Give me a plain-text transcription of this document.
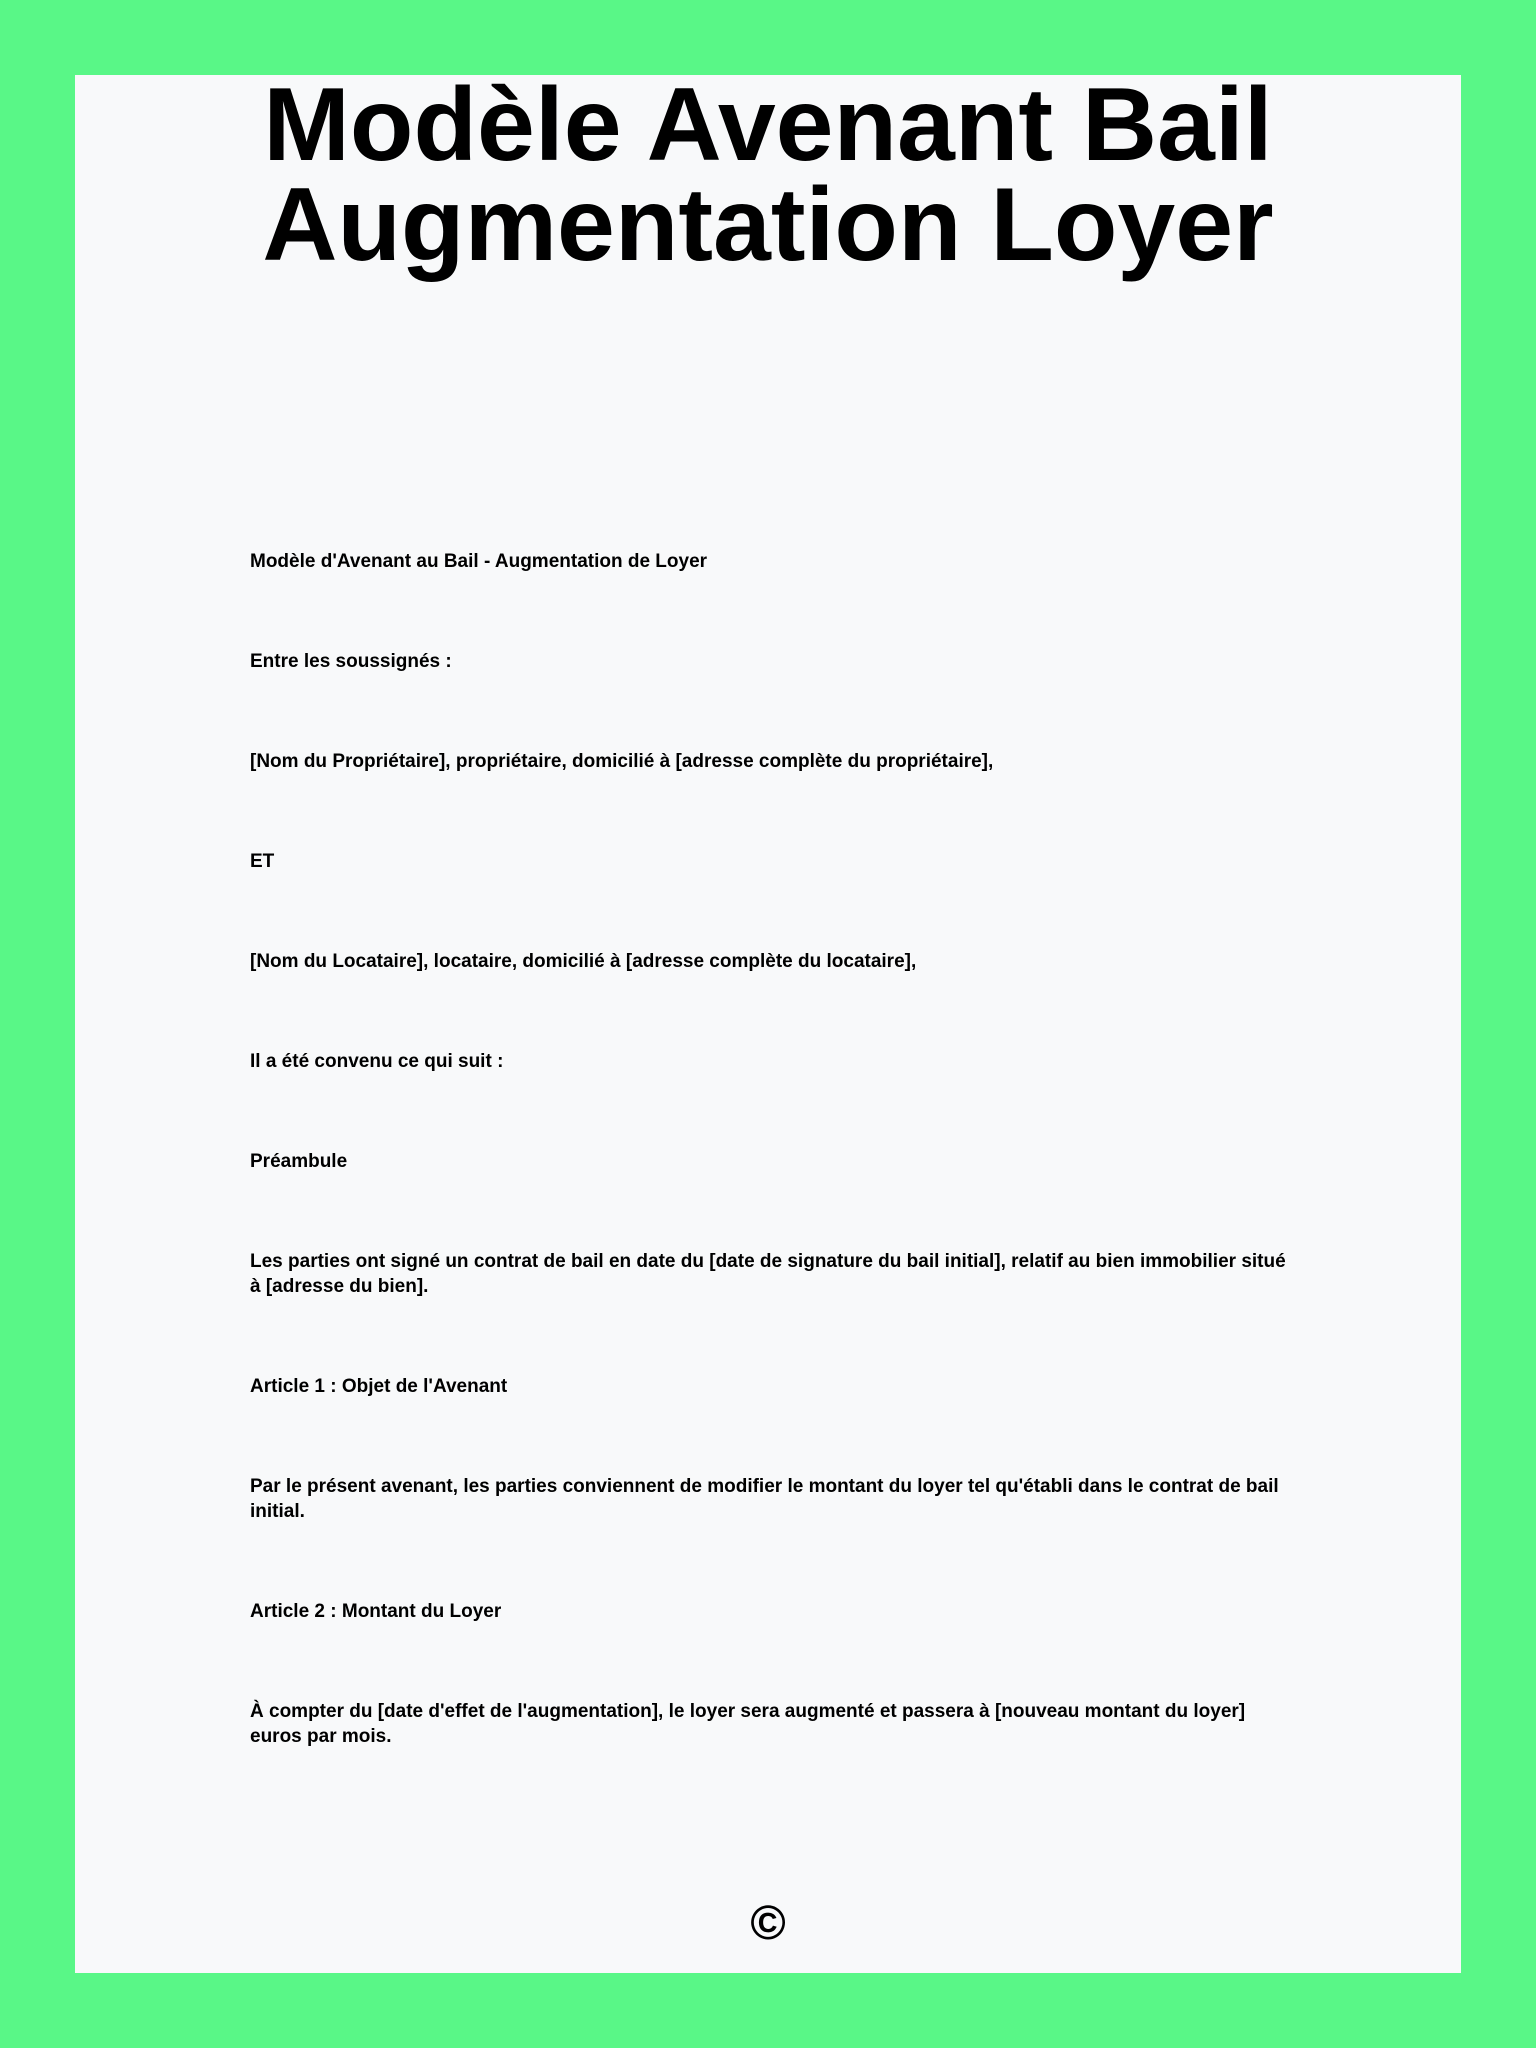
Modèle Avenant Bail
Augmentation Loyer

Modèle d'Avenant au Bail - Augmentation de Loyer

Entre les soussignés :

[Nom du Propriétaire], propriétaire, domicilié à [adresse complète du propriétaire],

ET

[Nom du Locataire], locataire, domicilié à [adresse complète du locataire],

Il a été convenu ce qui suit :

Préambule

Les parties ont signé un contrat de bail en date du [date de signature du bail initial], relatif au bien immobilier situé à [adresse du bien].

Article 1 : Objet de l'Avenant

Par le présent avenant, les parties conviennent de modifier le montant du loyer tel qu'établi dans le contrat de bail initial.

Article 2 : Montant du Loyer

À compter du [date d'effet de l'augmentation], le loyer sera augmenté et passera à [nouveau montant du loyer] euros par mois.

©
